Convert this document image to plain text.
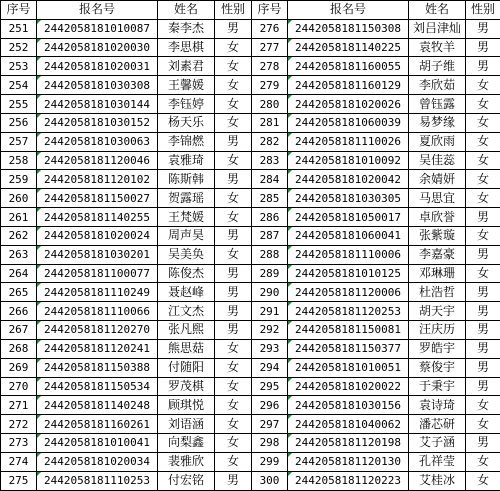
序号	报名号	姓名	性别
251	2442058181010087	秦李杰	男
252	2442058181020030	李思棋	女
253	2442058181020031	刘素君	女
254	2442058181030308	王馨媛	女
255	2442058181030144	李钰婷	女
256	2442058181030152	杨天乐	女
257	2442058181030063	李锦燃	男
258	2442058181120046	袁雅琦	女
259	2442058181120102	陈斯韩	男
260	2442058181150027	贺露瑶	女
261	2442058181140255	王梵媛	女
262	2442058181020024	周声昊	男
263	2442058181030201	吴美奂	女
264	2442058181100077	陈俊杰	男
265	2442058181110249	聂赵峰	男
266	2442058181110066	江文杰	男
267	2442058181120270	张凡熙	男
268	2442058181120241	熊思菇	女
269	2442058181150388	付随阳	女
270	2442058181150534	罗茂棋	女
271	2442058181140248	顾琪悦	女
272	2442058181160261	刘语涵	女
273	2442058181010041	向梨鑫	女
274	2442058181020034	裴雅欣	女
275	2442058181110253	付宏铭	男
序号	报名号	姓名	性别
276	2442058181150308	刘吕津灿	男
277	2442058181140225	袁牧羊	男
278	2442058181160055	胡子维	男
279	2442058181160129	李欣茹	女
280	2442058181020026	曾钰露	女
281	2442058181060039	易梦缘	女
282	2442058181110026	夏欣雨	女
283	2442058181010092	吴佳蕊	女
284	2442058181020042	余婧妍	女
285	2442058181030305	马思宜	女
286	2442058181050017	卓欣誉	男
287	2442058181060041	张紫璇	女
288	2442058181110006	李嘉豪	男
289	2442058181010125	邓琳珊	女
290	2442058181120006	杜浩哲	男
291	2442058181120253	胡天宇	男
292	2442058181150081	汪庆历	男
293	2442058181150377	罗皓宇	男
294	2442058181010051	蔡俊宇	男
295	2442058181020022	于秉宇	男
296	2442058181030156	袁诗琦	女
297	2442058181040062	潘芯研	女
298	2442058181120198	艾子涵	男
299	2442058181120130	孔祥莹	女
300	2442058181120223	艾桂冰	女
